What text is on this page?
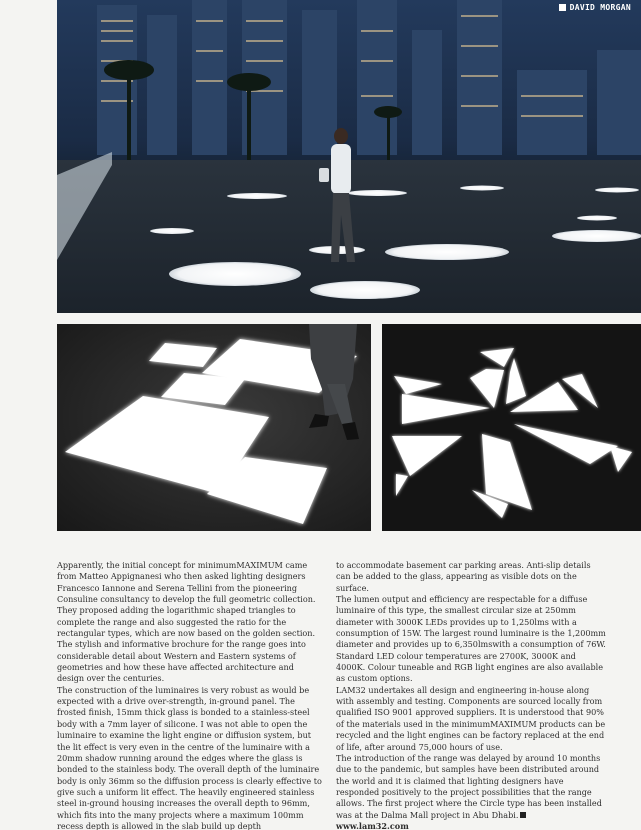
DAVID MORGAN

Apparently, the initial concept for minimumMAXIMUM came from Matteo Appignanesi who then asked lighting designers Francesco Iannone and Serena Tellini from the pioneering Consuline consultancy to develop the full geometric collection. They proposed adding the logarithmic shaped triangles to complete the range and also suggested the ratio for the rectangular types, which are now based on the golden section. The stylish and informative brochure for the range goes into considerable detail about Western and Eastern systems of geometries and how these have affected architecture and design over the centuries.

The construction of the luminaires is very robust as would be expected with a drive over-strength, in-ground panel. The frosted finish, 15mm thick glass is bonded to a stainless-steel body with a 7mm layer of silicone. I was not able to open the luminaire to examine the light engine or diffusion system, but the lit effect is very even in the centre of the luminaire with a 20mm shadow running around the edges where the glass is bonded to the stainless body. The overall depth of the luminaire body is only 36mm so the diffusion process is clearly effective to give such a uniform lit effect. The heavily engineered stainless steel in-ground housing increases the overall depth to 96mm, which fits into the many projects where a maximum 100mm recess depth is allowed in the slab build up depth

to accommodate basement car parking areas. Anti-slip details can be added to the glass, appearing as visible dots on the surface.

The lumen output and efficiency are respectable for a diffuse luminaire of this type, the smallest circular size at 250mm diameter with 3000K LEDs provides up to 1,250lms with a consumption of 15W. The largest round luminaire is the 1,200mm diameter and provides up to 6,350lmswith a consumption of 76W. Standard LED colour temperatures are 2700K, 3000K and 4000K. Colour tuneable and RGB light engines are also available as custom options.

LAM32 undertakes all design and engineering in-house along with assembly and testing. Components are sourced locally from qualified ISO 9001 approved suppliers. It is understood that 90% of the materials used in the minimumMAXIMUM products can be recycled and the light engines can be factory replaced at the end of life, after around 75,000 hours of use.

The introduction of the range was delayed by around 10 months due to the pandemic, but samples have been distributed around the world and it is claimed that lighting designers have responded positively to the project possibilities that the range allows. The first project where the Circle type has been installed was at the Dalma Mall project in Abu Dhabi.

www.lam32.com
